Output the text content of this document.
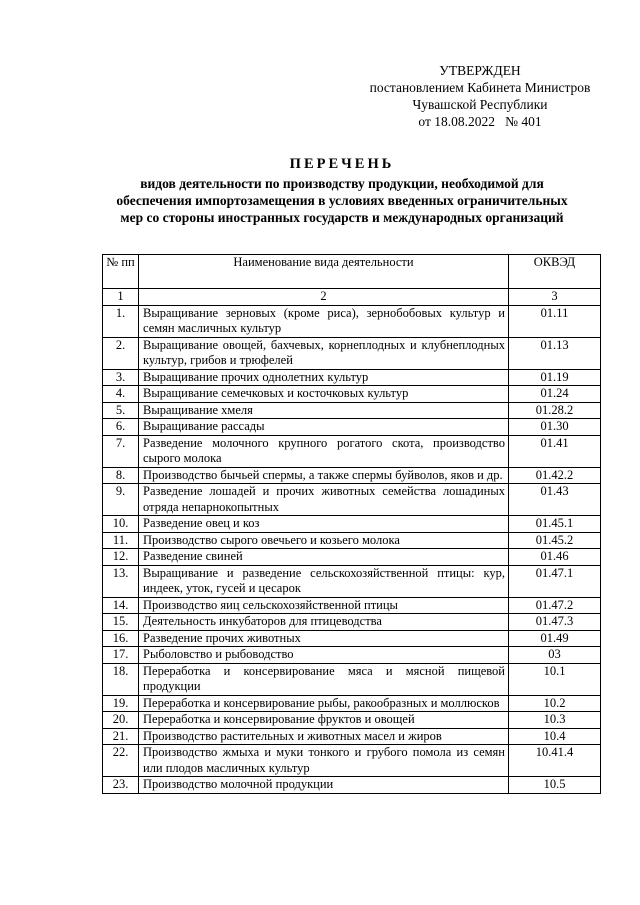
УТВЕРЖДЕН
постановлением Кабинета Министров
Чувашской Республики
от 18.08.2022   № 401
ПЕРЕЧЕНЬ
видов деятельности по производству продукции, необходимой для
обеспечения импортозамещения в условиях введенных ограничительных
мер со стороны иностранных государств и международных организаций
№ пп	Наименование вида деятельности	ОКВЭД
1	2	3
1.	Выращивание зерновых (кроме риса), зернобобовых культур и семян масличных культур	01.11
2.	Выращивание овощей, бахчевых, корнеплодных и клубнеплодных культур, грибов и трюфелей	01.13
3.	Выращивание прочих однолетних культур	01.19
4.	Выращивание семечковых и косточковых культур	01.24
5.	Выращивание хмеля	01.28.2
6.	Выращивание рассады	01.30
7.	Разведение молочного крупного рогатого скота, производство сырого молока	01.41
8.	Производство бычьей спермы, а также спермы буйволов, яков и др.	01.42.2
9.	Разведение лошадей и прочих животных семейства лошадиных отряда непарнокопытных	01.43
10.	Разведение овец и коз	01.45.1
11.	Производство сырого овечьего и козьего молока	01.45.2
12.	Разведение свиней	01.46
13.	Выращивание и разведение сельскохозяйственной птицы: кур, индеек, уток, гусей и цесарок	01.47.1
14.	Производство яиц сельскохозяйственной птицы	01.47.2
15.	Деятельность инкубаторов для птицеводства	01.47.3
16.	Разведение прочих животных	01.49
17.	Рыболовство и рыбоводство	03
18.	Переработка и консервирование мяса и мясной пищевой продукции	10.1
19.	Переработка и консервирование рыбы, ракообразных и моллюсков	10.2
20.	Переработка и консервирование фруктов и овощей	10.3
21.	Производство растительных и животных масел и жиров	10.4
22.	Производство жмыха и муки тонкого и грубого помола из семян или плодов масличных культур	10.41.4
23.	Производство молочной продукции	10.5
